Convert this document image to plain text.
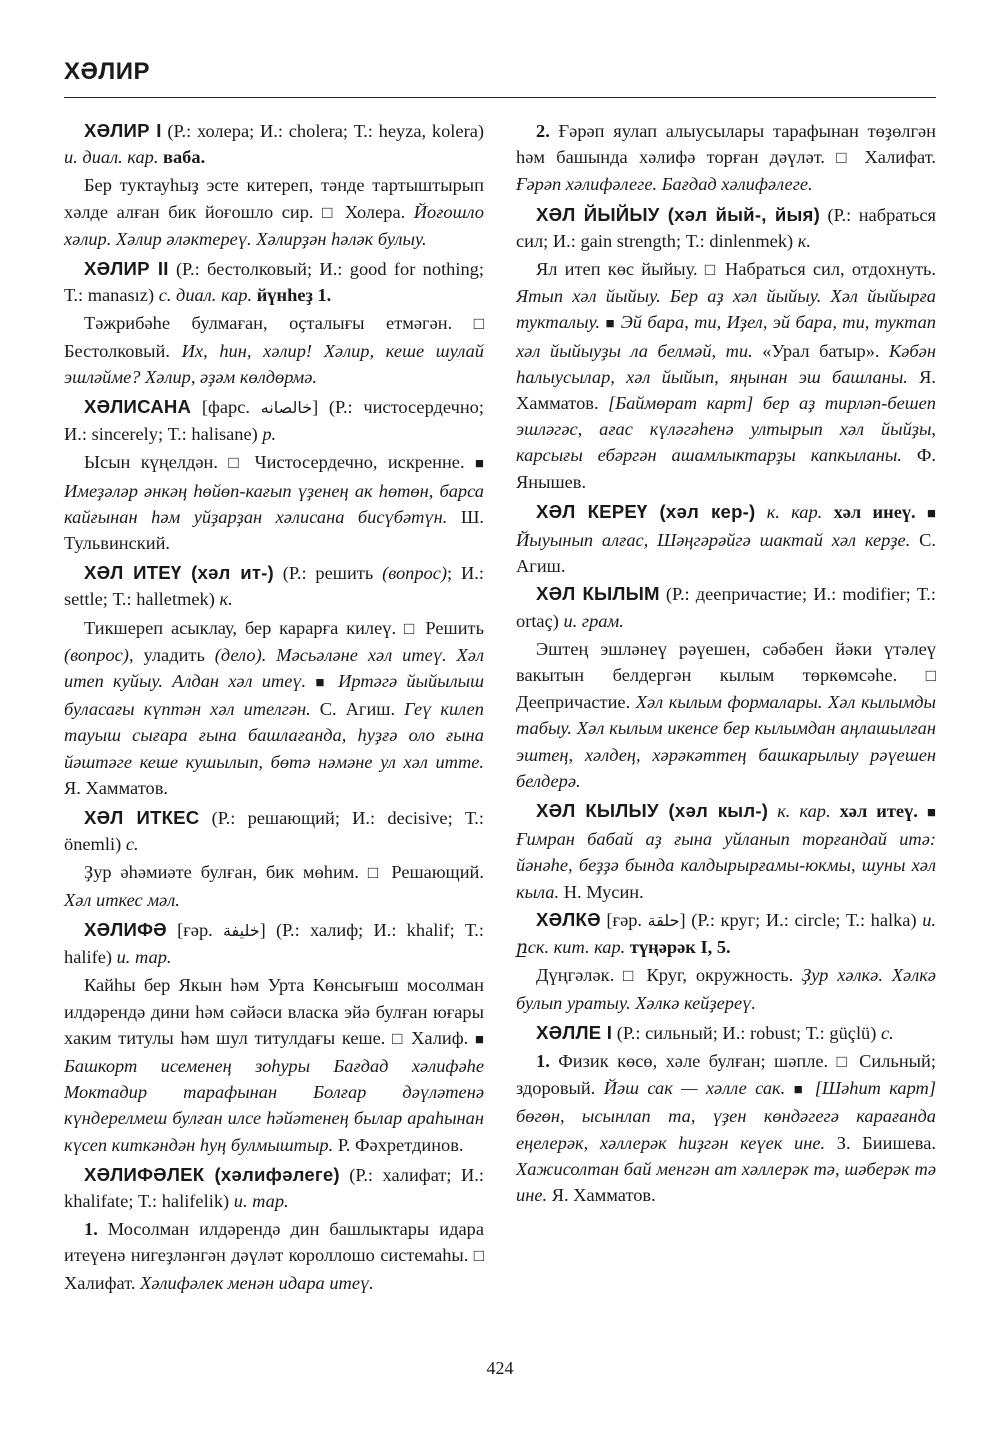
ХӘЛИР

ХӘЛИР I (Р.: холера; И.: cholera; Т.: heyza, kolera) и. диал. кар. ваба.

Бер туктауһыҙ эсте китереп, тәнде тартыштырып хәлде алған бик йоғошло сир. □ Холера. Йоғошло хәлир. Хәлир әләктереү. Хәлирҙән һәләк булыу.

ХӘЛИР II (Р.: бестолковый; И.: good for nothing; Т.: manasız) с. диал. кар. йүнһеҙ 1.

Тәжрибәһе булмаған, оҫталығы етмәгән. □ Бестолковый. Их, һин, хәлир! Хәлир, кеше шулай эшләйме? Хәлир, әҙәм көлдөрмә.

ХӘЛИСАНА [фарс. خالصانه] (Р.: чистосердечно; И.: sincerely; Т.: halisane) р.

Ысын күңелдән. □ Чистосердечно, искренне. ■ Имеҙәләр әнкәң һөйөп-кағып үҙенең ак һөтөн, барса кайғынан һәм уйҙарҙан хәлисана бисүбәтүн. Ш. Тульвинский.

ХӘЛ ИТЕҮ (хәл ит-) (Р.: решить (вопрос); И.: settle; Т.: halletmek) к.

Тикшереп асыклау, бер карарға килеү. □ Решить (вопрос), уладить (дело). Мәсьәләне хәл итеү. Хәл итеп куйыу. Алдан хәл итеү. ■ Иртәгә йыйылыш буласағы күптән хәл ителгән. С. Агиш. Геү килеп тауыш сығара ғына башлағанда, һуҙғә оло ғына йәштәге кеше кушылып, бөтә нәмәне ул хәл итте. Я. Хамматов.

ХӘЛ ИТКЕС (Р.: решающий; И.: decisive; Т.: önemli) с.

Ҙур әһәмиәте булған, бик мөһим. □ Решающий. Хәл иткес мәл.

ХӘЛИФӘ [ғәр. خليفة] (Р.: халиф; И.: khalif; Т.: halife) и. тар.

Кайһы бер Якын һәм Урта Көнсығыш мосолман илдәрендә дини һәм сәйәси власка эйә булған юғары хаким титулы һәм шул титулдағы кеше. □ Халиф. ■ Башкорт исеменең зоһуры Бағдад хәлифәһе Моктадир тарафынан Болғар дәүләтенә күндерелмеш булған илсе һәйәтенең былар араһынан күсеп киткәндән һуң булмыштыр. Р. Фәхретдинов.

ХӘЛИФӘЛЕК (хәлифәлеге) (Р.: халифат; И.: khalifate; Т.: halifelik) и. тар.

1. Мосолман илдәрендә дин башлыктары идара итеүенә нигеҙләнгән дәүләт короллошо системаһы. □ Халифат. Хәлифәлек менән идара итеү.

2. Ғәрәп яулап алыусылары тарафынан төҙөлгән һәм башында хәлифә торған дәүләт. □ Халифат. Ғәрәп хәлифәлеге. Бағдад хәлифәлеге.

ХӘЛ ЙЫЙЫУ (хәл йый-, йыя) (Р.: набраться сил; И.: gain strength; Т.: dinlenmek) к.

Ял итеп көс йыйыу. □ Набраться сил, отдохнуть. Ятып хәл йыйыу. Бер аҙ хәл йыйыу. Хәл йыйырға тукталыу. ■ Эй бара, ти, Иҙел, эй бара, ти, туктап хәл йыйыуҙы ла белмәй, ти. «Урал батыр». Кәбән һалыусылар, хәл йыйып, яңынан эш башланы. Я. Хамматов. [Баймөрат карт] бер аҙ тирләп-бешеп эшләгәс, ағас күләгәһенә ултырып хәл йыйҙы, карсығы ебәргән ашамлыктарҙы капкыланы. Ф. Янышев.

ХӘЛ КЕРЕҮ (хәл кер-) к. кар. хәл инеү. ■ Йыуынып алғас, Шәңгәрәйгә шактай хәл керҙе. С. Агиш.

ХӘЛ КЫЛЫМ (Р.: деепричастие; И.: modifier; Т.: ortaç) и. грам.

Эштең эшләнеү рәүешен, сәбәбен йәки үтәлеү вакытын белдергән кылым төркөмсәһе. □ Деепричастие. Хәл кылым формалары. Хәл кылымды табыу. Хәл кылым икенсе бер кылымдан аңлашылған эштең, хәлдең, хәрәкәттең башкарылыу рәүешен белдерә.

ХӘЛ КЫЛЫУ (хәл кыл-) к. кар. хәл итеү. ■ Ғимран бабай аҙ ғына уйланып торғандай итә: йәнәһе, беҙҙә бында калдырырғамы-юкмы, шуны хәл кыла. Н. Мусин.

ХӘЛКӘ [ғәр. حلقة] (Р.: круг; И.: circle; Т.: halka) и. ըск. кит. кар. түңәрәк I, 5.

Дүңгәләк. □ Круг, окружность. Ҙур хәлкә. Хәлкә булып уратыу. Хәлкә кейҙереү.

ХӘЛЛЕ I (Р.: сильный; И.: robust; Т.: güçlü) с.

1. Физик көсө, хәле булған; шәпле. □ Сильный; здоровый. Йәш сак — хәлле сак. ■ [Шәһит карт] бөгөн, ысынлап та, үҙен көндәгегә карағанда еңелерәк, хәллерәк һиҙгән кеүек ине. З. Биишева. Хажисолтан бай менгән ат хәллерәк тә, шәберәк тә ине. Я. Хамматов.

424
